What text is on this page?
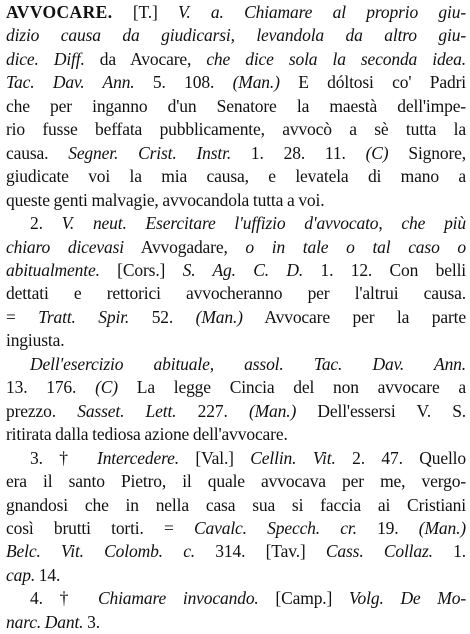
AVVOCARE. [T.] V. a. Chiamare al proprio giu-
dizio causa da giudicarsi, levandola da altro giu-
dice. Diff. da Avocare, che dice sola la seconda idea.
Tac. Dav. Ann. 5. 108. (Man.) E dóltosi co' Padri
che per inganno d'un Senatore la maestà dell'impe-
rio fusse beffata pubblicamente, avvocò a sè tutta la
causa. Segner. Crist. Instr. 1. 28. 11. (C) Signore,
giudicate voi la mia causa, e levatela di mano a
queste genti malvagie, avvocandola tutta a voi.
2. V. neut. Esercitare l'uffizio d'avvocato, che più
chiaro dicevasi Avvogadare, o in tale o tal caso o
abitualmente. [Cors.] S. Ag. C. D. 1. 12. Con belli
dettati e rettorici avvocheranno per l'altrui causa.
= Tratt. Spir. 52. (Man.) Avvocare per la parte
ingiusta.
Dell'esercizio abituale, assol. Tac. Dav. Ann.
13. 176. (C) La legge Cincia del non avvocare a
prezzo. Sasset. Lett. 227. (Man.) Dell'essersi V. S.
ritirata dalla tediosa azione dell'avvocare.
3. † Intercedere. [Val.] Cellin. Vit. 2. 47. Quello
era il santo Pietro, il quale avvocava per me, vergo-
gnandosi che in nella casa sua si faccia ai Cristiani
così brutti torti. = Cavalc. Specch. cr. 19. (Man.)
Belc. Vit. Colomb. c. 314. [Tav.] Cass. Collaz. 1.
cap. 14.
4. † Chiamare invocando. [Camp.] Volg. De Mo-
narc. Dant. 3.
